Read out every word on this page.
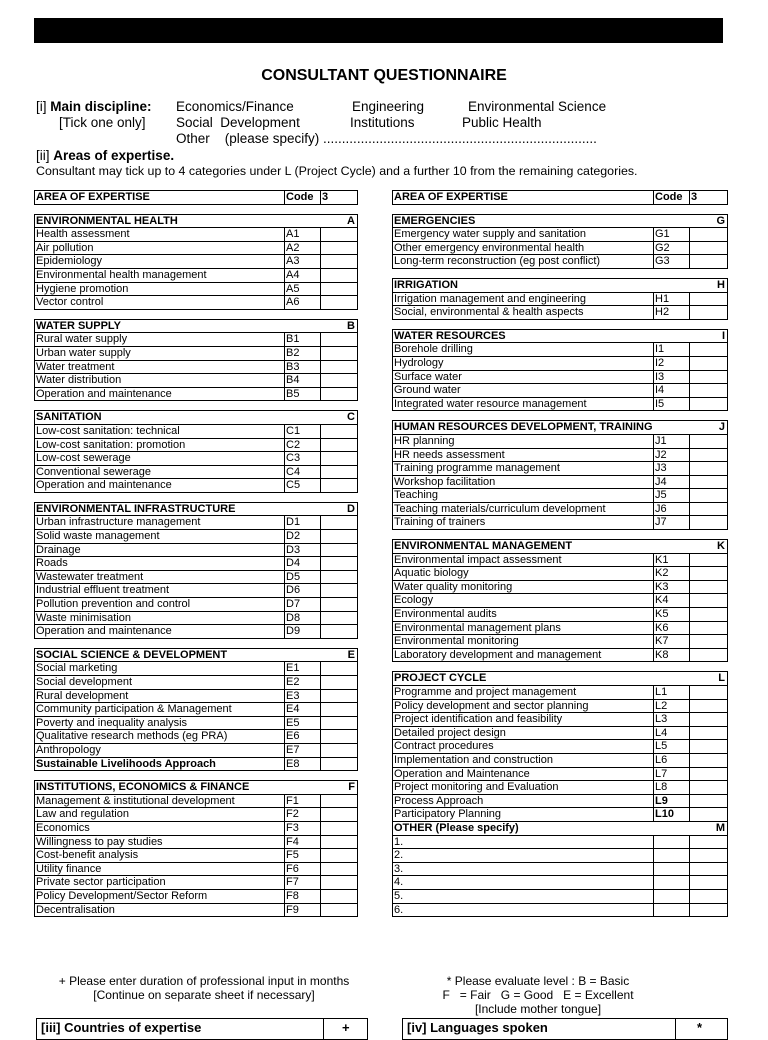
CONSULTANT QUESTIONNAIRE
[i] Main discipline:
[Tick one only]
Economics/Finance	Engineering	Environmental Science
Social  Development	Institutions	Public Health
Other    (please specify) .........................................................................
[ii] Areas of expertise.
Consultant may tick up to 4 categories under L (Project Cycle) and a further 10 from the remaining categories.
AREA OF EXPERTISE	Code	3

ENVIRONMENTAL HEALTH A		

Health assessment	A1	
Air pollution	A2	
Epidemiology	A3	
Environmental health management	A4	
Hygiene promotion	A5	
Vector control	A6	

WATER SUPPLY B		

Rural water supply	B1	
Urban water supply	B2	
Water treatment	B3	
Water distribution	B4	
Operation and maintenance	B5	

SANITATION C		

Low-cost sanitation: technical	C1	
Low-cost sanitation: promotion	C2	
Low-cost sewerage	C3	
Conventional sewerage	C4	
Operation and maintenance	C5	

ENVIRONMENTAL INFRASTRUCTURE D		

Urban infrastructure management	D1	
Solid waste management	D2	
Drainage	D3	
Roads	D4	
Wastewater treatment	D5	
Industrial effluent treatment	D6	
Pollution prevention and control	D7	
Waste minimisation	D8	
Operation and maintenance	D9	

SOCIAL SCIENCE & DEVELOPMENT E		

Social marketing	E1	
Social development	E2	
Rural development	E3	
Community participation & Management	E4	
Poverty and inequality analysis	E5	
Qualitative research methods (eg PRA)	E6	
Anthropology	E7	
Sustainable Livelihoods Approach	E8	

INSTITUTIONS, ECONOMICS & FINANCE F		

Management & institutional development	F1	
Law and regulation	F2	
Economics	F3	
Willingness to pay studies	F4	
Cost-benefit analysis	F5	
Utility finance	F6	
Private sector participation	F7	
Policy Development/Sector Reform	F8	
Decentralisation	F9	
AREA OF EXPERTISE	Code	3

EMERGENCIES G		

Emergency water supply and sanitation	G1	
Other emergency environmental health	G2	
Long-term reconstruction (eg post conflict)	G3	

IRRIGATION H		

Irrigation management and engineering	H1	
Social, environmental & health aspects	H2	

WATER RESOURCES I		

Borehole drilling	I1	
Hydrology	I2	
Surface water	I3	
Ground water	I4	
Integrated water resource management	I5	

HUMAN RESOURCES DEVELOPMENT, TRAINING J		

HR planning	J1	
HR needs assessment	J2	
Training programme management	J3	
Workshop facilitation	J4	
Teaching	J5	
Teaching materials/curriculum development	J6	
Training of trainers	J7	

ENVIRONMENTAL MANAGEMENT K		

Environmental impact assessment	K1	
Aquatic biology	K2	
Water quality monitoring	K3	
Ecology	K4	
Environmental audits	K5	
Environmental management plans	K6	
Environmental monitoring	K7	
Laboratory development and management	K8	

PROJECT CYCLE L		

Programme and project management	L1	
Policy development and sector planning	L2	
Project identification and feasibility	L3	
Detailed project design	L4	
Contract procedures	L5	
Implementation and construction	L6	
Operation and Maintenance	L7	
Project monitoring and Evaluation	L8	
Process Approach	L9	
Participatory Planning	L10	
OTHER (Please specify) M		

1.		
2.		
3.		
4.		
5.		
6.		
+ Please enter duration of professional input in months
[Continue on separate sheet if necessary]
* Please evaluate level : B = Basic
F   = Fair   G = Good   E = Excellent
[Include mother tongue]
[iii] Countries of expertise	+	[iv] Languages spoken	*
